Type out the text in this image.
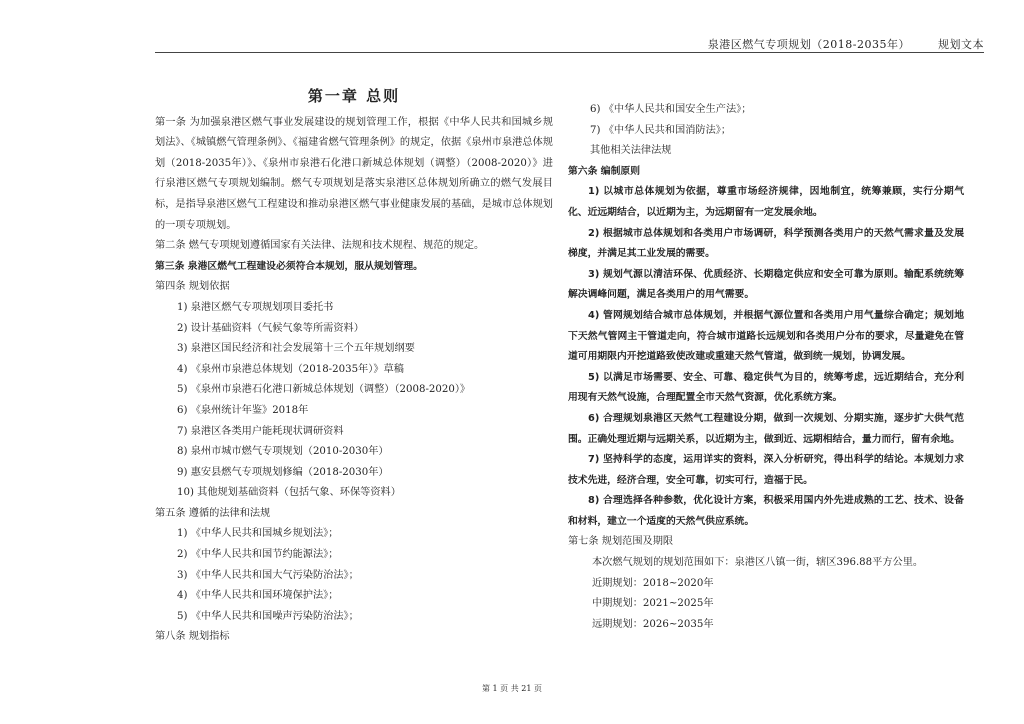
泉港区燃气专项规划（2018-2035年）	规划文本

第一章 总则

第一条 为加强泉港区燃气事业发展建设的规划管理工作，根据《中华人民共和国城乡规划法》、《城镇燃气管理条例》、《福建省燃气管理条例》的规定，依据《泉州市泉港总体规划（2018-2035年）》、《泉州市泉港石化港口新城总体规划（调整）（2008-2020）》进行泉港区燃气专项规划编制。燃气专项规划是落实泉港区总体规划所确立的燃气发展目标，是指导泉港区燃气工程建设和推动泉港区燃气事业健康发展的基础，是城市总体规划的一项专项规划。

第二条 燃气专项规划遵循国家有关法律、法规和技术规程、规范的规定。

第三条 泉港区燃气工程建设必须符合本规划，服从规划管理。

第四条 规划依据

1) 泉港区燃气专项规划项目委托书

2) 设计基础资料（气候气象等所需资料）

3) 泉港区国民经济和社会发展第十三个五年规划纲要

4) 《泉州市泉港总体规划（2018-2035年）》草稿

5) 《泉州市泉港石化港口新城总体规划（调整）（2008-2020）》

6) 《泉州统计年鉴》2018年

7) 泉港区各类用户能耗现状调研资料

8) 泉州市城市燃气专项规划（2010-2030年）

9) 惠安县燃气专项规划修编（2018-2030年）

10) 其他规划基础资料（包括气象、环保等资料）

第五条 遵循的法律和法规

1) 《中华人民共和国城乡规划法》；

2) 《中华人民共和国节约能源法》；

3) 《中华人民共和国大气污染防治法》；

4) 《中华人民共和国环境保护法》；

5) 《中华人民共和国噪声污染防治法》；

第八条 规划指标

6) 《中华人民共和国安全生产法》；

7) 《中华人民共和国消防法》；

其他相关法律法规

第六条 编制原则

1) 以城市总体规划为依据，尊重市场经济规律，因地制宜，统筹兼顾，实行分期气化、近远期结合，以近期为主，为远期留有一定发展余地。

2) 根据城市总体规划和各类用户市场调研，科学预测各类用户的天然气需求量及发展梯度，并满足其工业发展的需要。

3) 规划气源以清洁环保、优质经济、长期稳定供应和安全可靠为原则。输配系统统筹解决调峰问题，满足各类用户的用气需要。

4) 管网规划结合城市总体规划，并根据气源位置和各类用户用气量综合确定；规划地下天然气管网主干管道走向，符合城市道路长远规划和各类用户分布的要求，尽量避免在管道可用期限内开挖道路致使改建或重建天然气管道，做到统一规划，协调发展。

5) 以满足市场需要、安全、可靠、稳定供气为目的，统筹考虑，远近期结合，充分利用现有天然气设施，合理配置全市天然气资源，优化系统方案。

6) 合理规划泉港区天然气工程建设分期，做到一次规划、分期实施，逐步扩大供气范围。正确处理近期与远期关系，以近期为主，做到近、远期相结合，量力而行，留有余地。

7) 坚持科学的态度，运用详实的资料，深入分析研究，得出科学的结论。本规划力求技术先进，经济合理，安全可靠，切实可行，造福于民。

8) 合理选择各种参数，优化设计方案，积极采用国内外先进成熟的工艺、技术、设备和材料，建立一个适度的天然气供应系统。

第七条 规划范围及期限

本次燃气规划的规划范围如下：泉港区八镇一街，辖区396.88平方公里。

近期规划：2018~2020年

中期规划：2021~2025年

远期规划：2026~2035年

第 1 页 共 21 页
